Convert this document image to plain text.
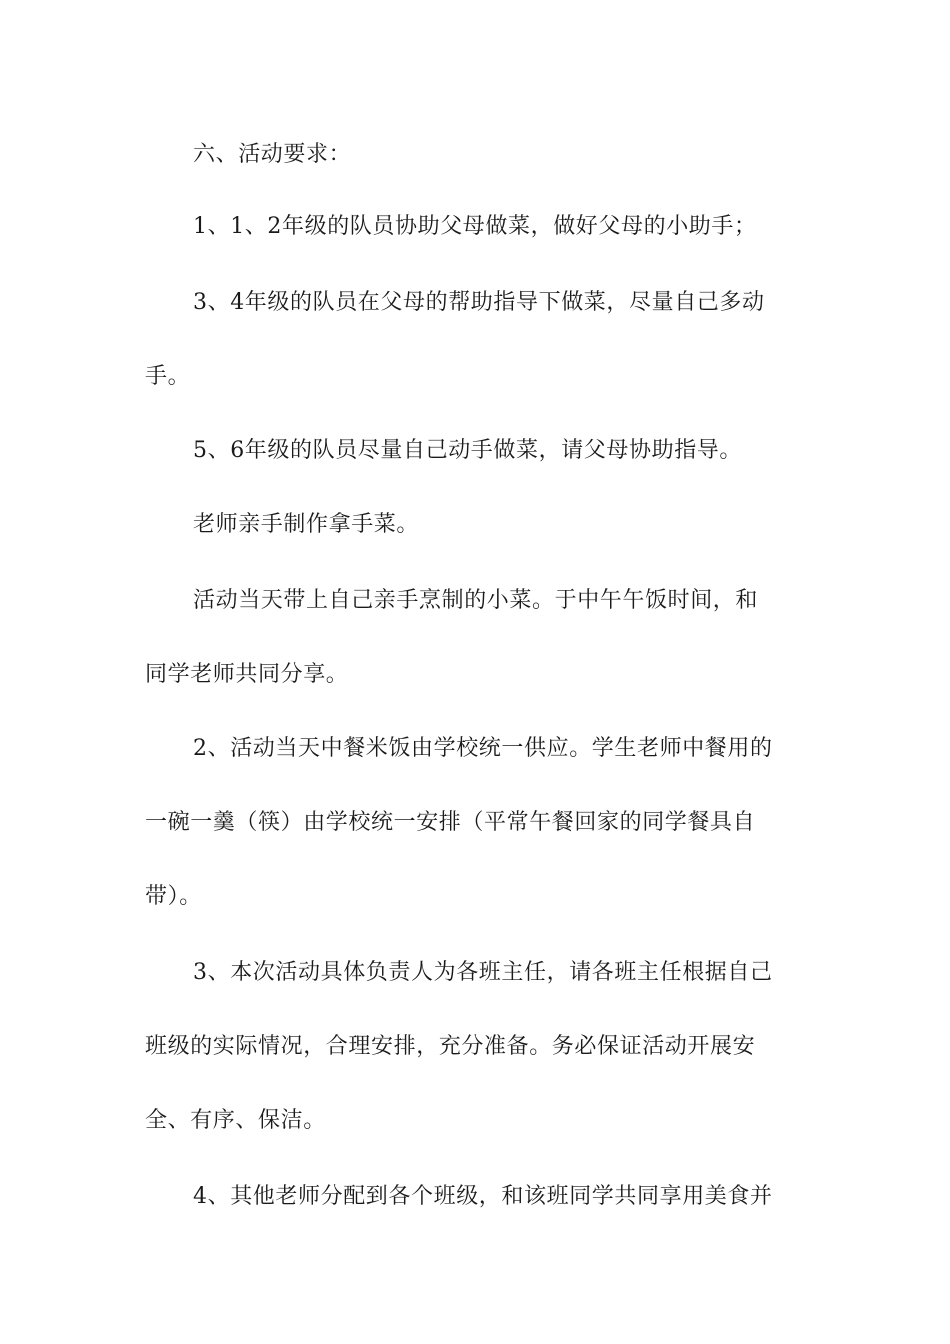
六、活动要求：
1、1、2年级的队员协助父母做菜，做好父母的小助手；
3、4年级的队员在父母的帮助指导下做菜，尽量自己多动
手。
5、6年级的队员尽量自己动手做菜，请父母协助指导。
老师亲手制作拿手菜。
活动当天带上自己亲手烹制的小菜。于中午午饭时间，和
同学老师共同分享。
2、活动当天中餐米饭由学校统一供应。学生老师中餐用的
一碗一羹（筷）由学校统一安排（平常午餐回家的同学餐具自
带）。
3、本次活动具体负责人为各班主任，请各班主任根据自己
班级的实际情况，合理安排，充分准备。务必保证活动开展安
全、有序、保洁。
4、其他老师分配到各个班级，和该班同学共同享用美食并
